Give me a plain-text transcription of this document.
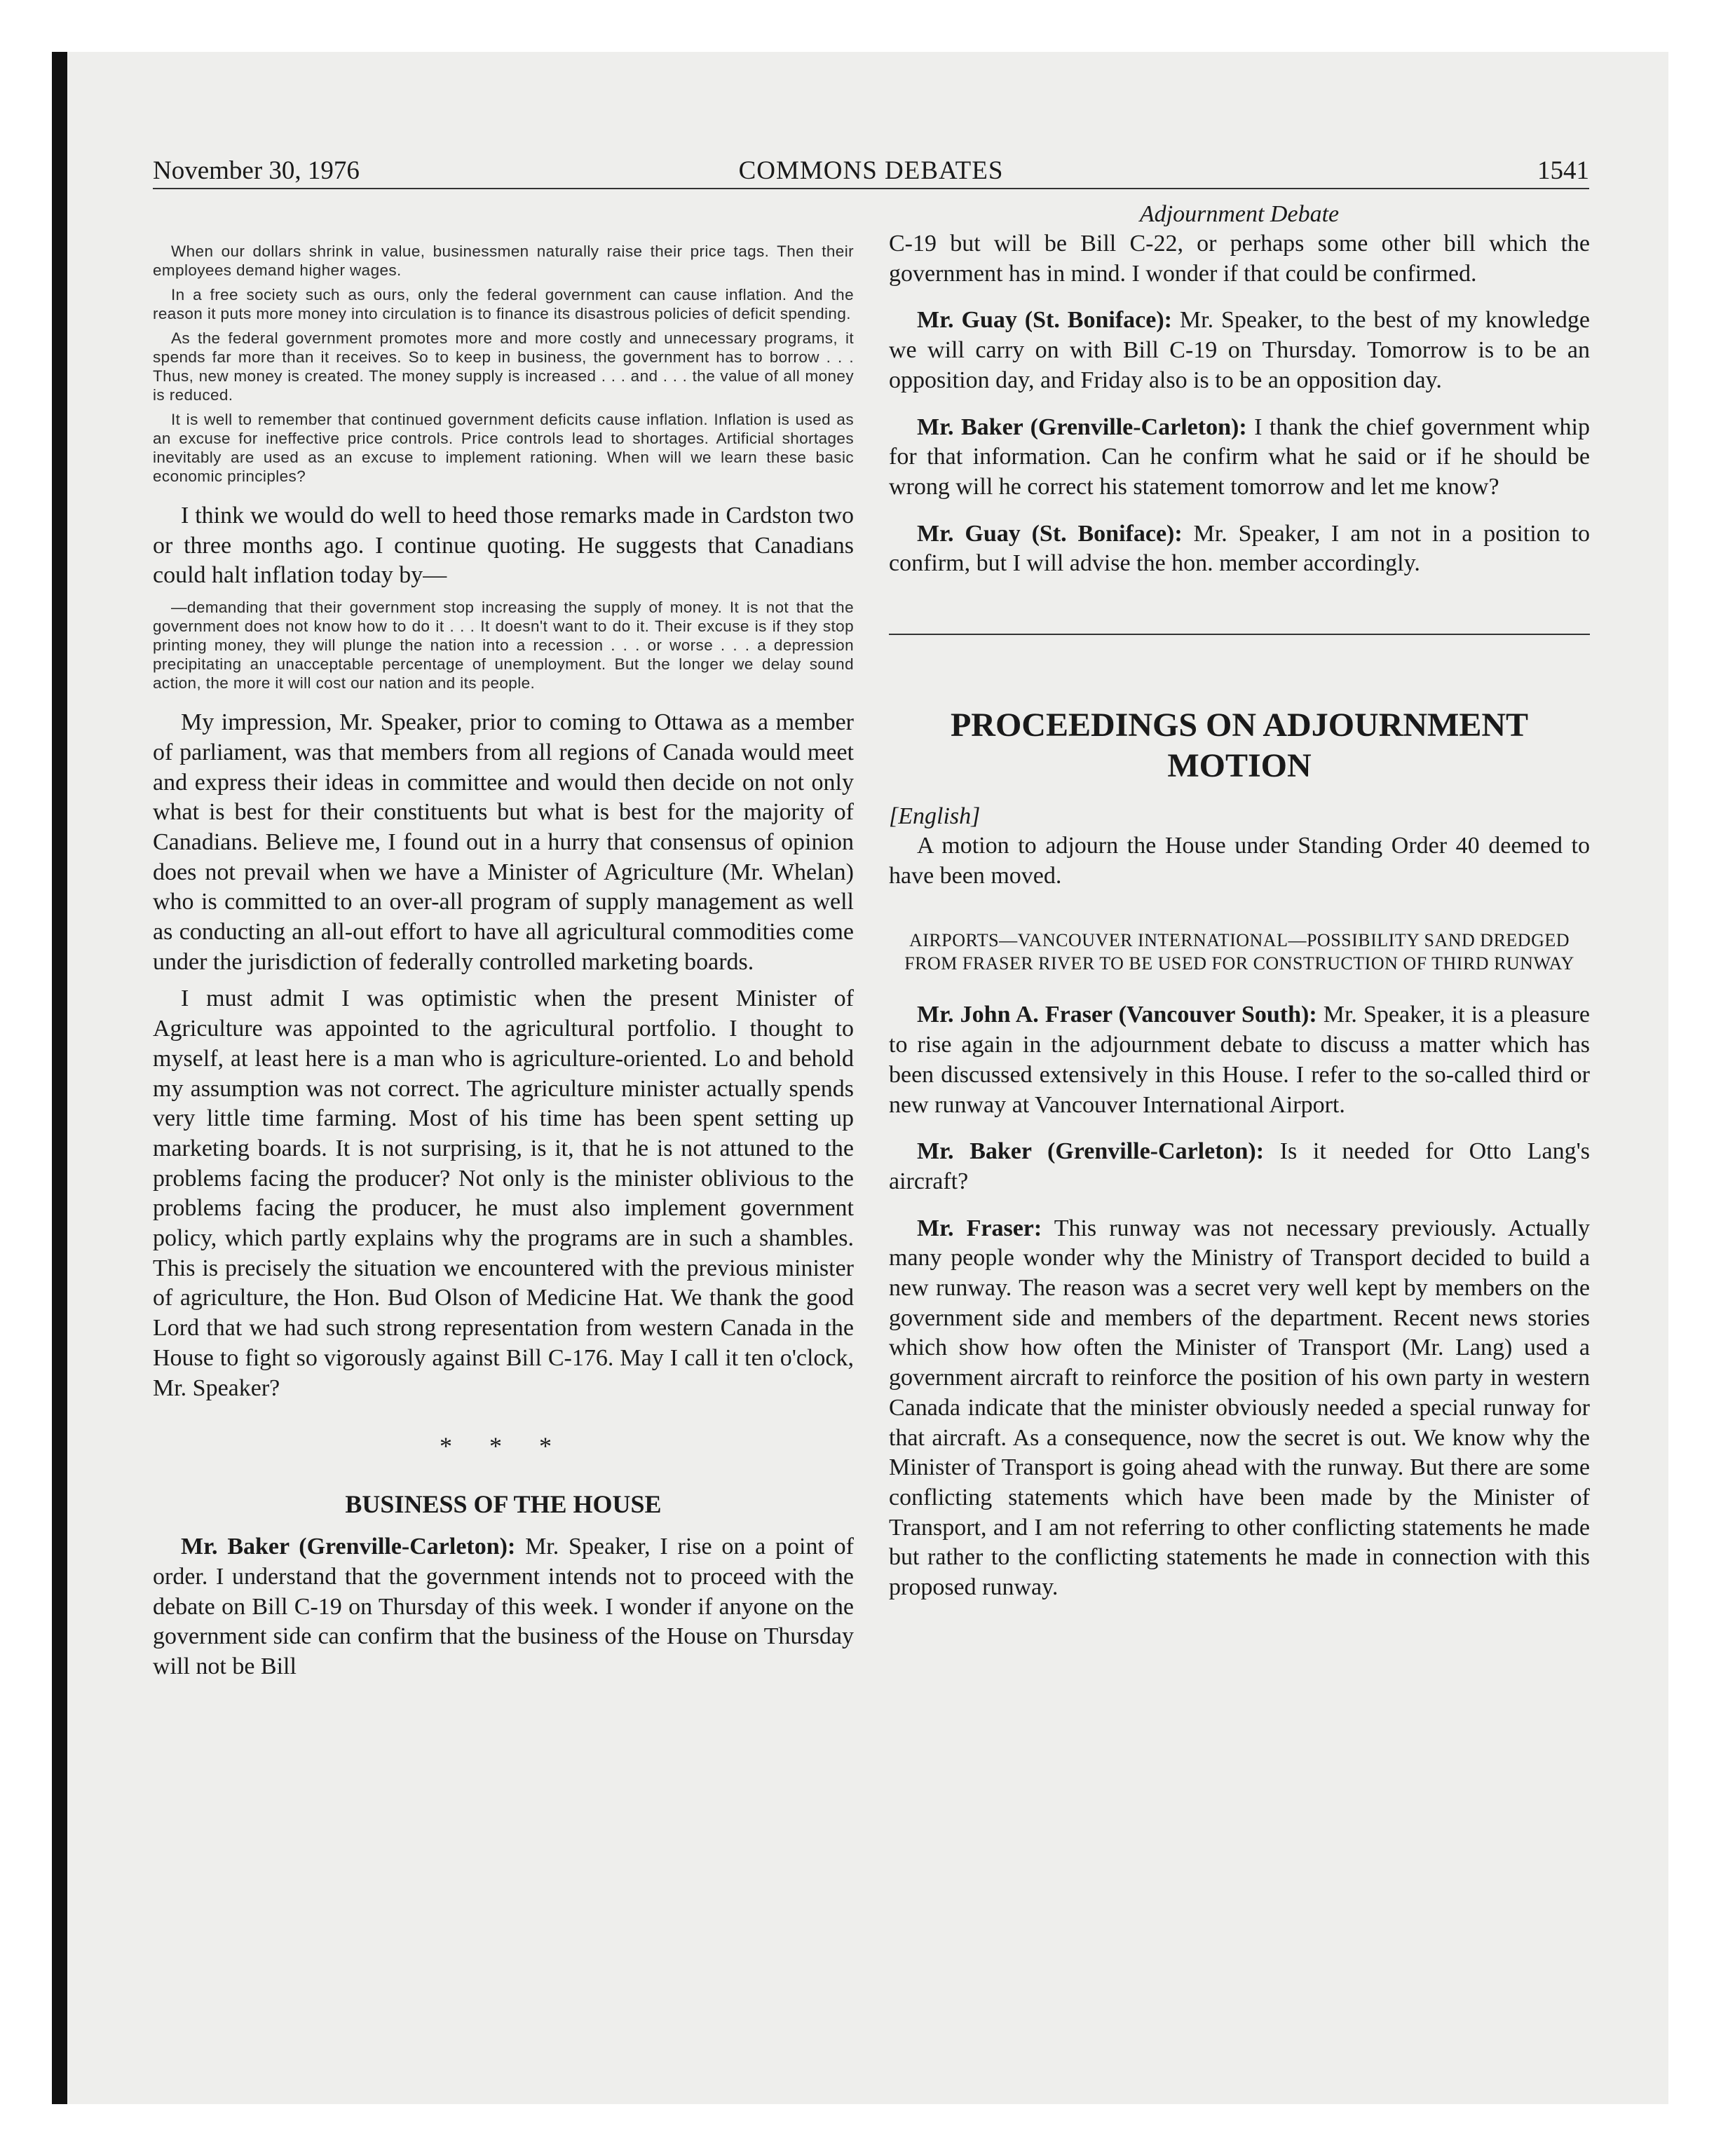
November 30, 1976	COMMONS DEBATES	1541

When our dollars shrink in value, businessmen naturally raise their price tags. Then their employees demand higher wages.

In a free society such as ours, only the federal government can cause inflation. And the reason it puts more money into circulation is to finance its disastrous policies of deficit spending.

As the federal government promotes more and more costly and unnecessary programs, it spends far more than it receives. So to keep in business, the government has to borrow . . . Thus, new money is created. The money supply is increased . . . and . . . the value of all money is reduced.

It is well to remember that continued government deficits cause inflation. Inflation is used as an excuse for ineffective price controls. Price controls lead to shortages. Artificial shortages inevitably are used as an excuse to implement rationing. When will we learn these basic economic principles?

I think we would do well to heed those remarks made in Cardston two or three months ago. I continue quoting. He suggests that Canadians could halt inflation today by—

—demanding that their government stop increasing the supply of money. It is not that the government does not know how to do it . . . It doesn't want to do it. Their excuse is if they stop printing money, they will plunge the nation into a recession . . . or worse . . . a depression precipitating an unacceptable percentage of unemployment. But the longer we delay sound action, the more it will cost our nation and its people.

My impression, Mr. Speaker, prior to coming to Ottawa as a member of parliament, was that members from all regions of Canada would meet and express their ideas in committee and would then decide on not only what is best for their constituents but what is best for the majority of Canadians. Believe me, I found out in a hurry that consensus of opinion does not prevail when we have a Minister of Agriculture (Mr. Whelan) who is committed to an over-all program of supply management as well as conducting an all-out effort to have all agricultural commodities come under the jurisdiction of federally controlled marketing boards.

I must admit I was optimistic when the present Minister of Agriculture was appointed to the agricultural portfolio. I thought to myself, at least here is a man who is agriculture-oriented. Lo and behold my assumption was not correct. The agriculture minister actually spends very little time farming. Most of his time has been spent setting up marketing boards. It is not surprising, is it, that he is not attuned to the problems facing the producer? Not only is the minister oblivious to the problems facing the producer, he must also implement government policy, which partly explains why the programs are in such a shambles. This is precisely the situation we encountered with the previous minister of agriculture, the Hon. Bud Olson of Medicine Hat. We thank the good Lord that we had such strong representation from western Canada in the House to fight so vigorously against Bill C-176. May I call it ten o'clock, Mr. Speaker?

* * *
BUSINESS OF THE HOUSE

Mr. Baker (Grenville-Carleton): Mr. Speaker, I rise on a point of order. I understand that the government intends not to proceed with the debate on Bill C-19 on Thursday of this week. I wonder if anyone on the government side can confirm that the business of the House on Thursday will not be Bill

Adjournment Debate

C-19 but will be Bill C-22, or perhaps some other bill which the government has in mind. I wonder if that could be confirmed.

Mr. Guay (St. Boniface): Mr. Speaker, to the best of my knowledge we will carry on with Bill C-19 on Thursday. Tomorrow is to be an opposition day, and Friday also is to be an opposition day.

Mr. Baker (Grenville-Carleton): I thank the chief government whip for that information. Can he confirm what he said or if he should be wrong will he correct his statement tomorrow and let me know?

Mr. Guay (St. Boniface): Mr. Speaker, I am not in a position to confirm, but I will advise the hon. member accordingly.

PROCEEDINGS ON ADJOURNMENT MOTION

[English]

A motion to adjourn the House under Standing Order 40 deemed to have been moved.

AIRPORTS—VANCOUVER INTERNATIONAL—POSSIBILITY SAND DREDGED FROM FRASER RIVER TO BE USED FOR CONSTRUCTION OF THIRD RUNWAY

Mr. John A. Fraser (Vancouver South): Mr. Speaker, it is a pleasure to rise again in the adjournment debate to discuss a matter which has been discussed extensively in this House. I refer to the so-called third or new runway at Vancouver International Airport.

Mr. Baker (Grenville-Carleton): Is it needed for Otto Lang's aircraft?

Mr. Fraser: This runway was not necessary previously. Actually many people wonder why the Ministry of Transport decided to build a new runway. The reason was a secret very well kept by members on the government side and members of the department. Recent news stories which show how often the Minister of Transport (Mr. Lang) used a government aircraft to reinforce the position of his own party in western Canada indicate that the minister obviously needed a special runway for that aircraft. As a consequence, now the secret is out. We know why the Minister of Transport is going ahead with the runway. But there are some conflicting statements which have been made by the Minister of Transport, and I am not referring to other conflicting statements he made but rather to the conflicting statements he made in connection with this proposed runway.
